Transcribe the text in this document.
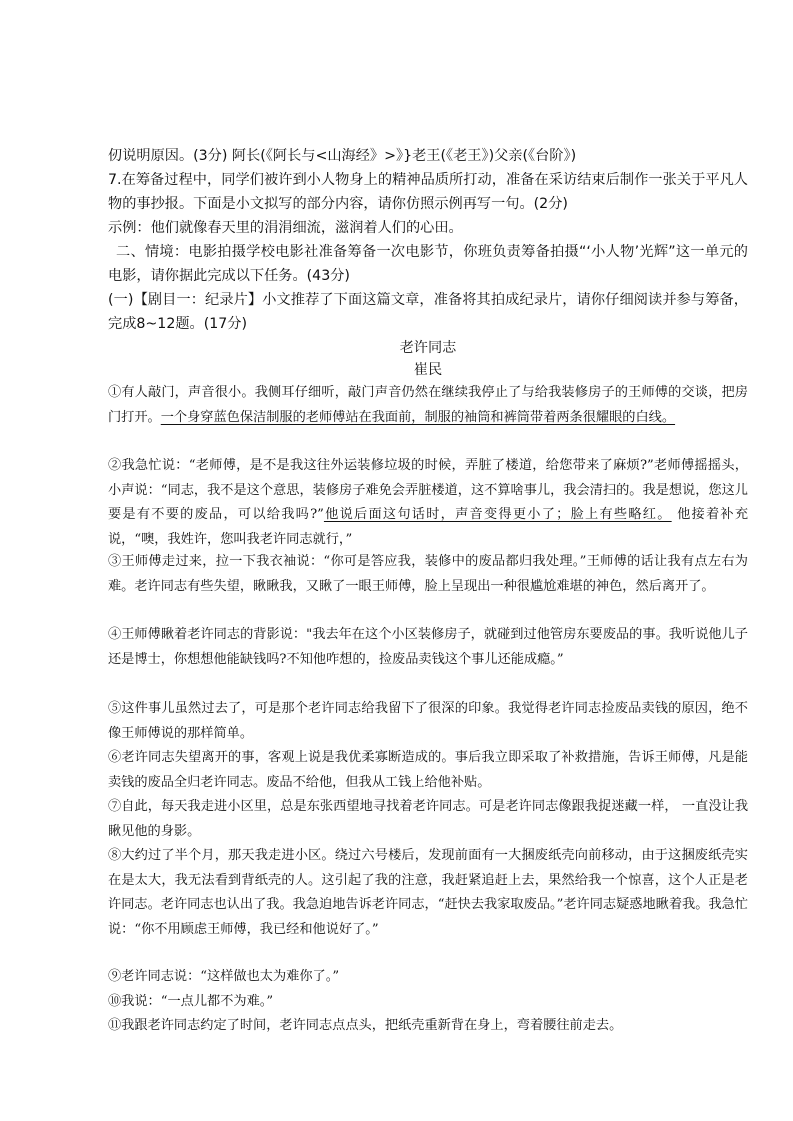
仞说明原因。(3分) 阿长(《阿长与<山海经》>》}老王(《老王》)父亲(《台阶》)

7.在筹备过程中，同学们被许到小人物身上的精神品质所打动，准备在采访结束后制作一张关于平凡人物的事抄报。下面是小文拟写的部分内容，请你仿照示例再写一句。(2分)

示例：他们就像春天里的涓涓细流，滋润着人们的心田。

二、情境：电影拍摄学校电影社准备筹备一次电影节，你班负责筹备拍摄“‘小人物’光辉”这一单元的电影，请你据此完成以下任务。(43分)

(一)【剧目一：纪录片】小文推荐了下面这篇文章，准备将其拍成纪录片，请你仔细阅读并参与筹备，完成8~12题。(17分)

老许同志

崔民

①有人敲门，声音很小。我侧耳仔细听，敲门声音仍然在继续我停止了与给我装修房子的王师傅的交谈，把房门打开。一个身穿蓝色保洁制服的老师傅站在我面前，制服的袖筒和裤筒带着两条很耀眼的白线。

②我急忙说：“老师傅，是不是我这往外运装修垃圾的时候，弄脏了楼道，给您带来了麻烦?”老师傅摇摇头，小声说：“同志，我不是这个意思，装修房子难免会弄脏楼道，这不算啥事儿，我会清扫的。我是想说，您这儿要是有不要的废品，可以给我吗?”他说后面这句话时，声音变得更小了；脸上有些略红。 他接着补充说，“噢，我姓许，您叫我老许同志就行，”

③王师傅走过来，拉一下我衣袖说：“你可是答应我，装修中的废品都归我处理。”王师傅的话让我有点左右为难。老许同志有些失望，瞅瞅我，又瞅了一眼王师傅，脸上呈现出一种很尴尬难堪的神色，然后离开了。

④王师傅瞅着老许同志的背影说："我去年在这个小区装修房子，就碰到过他管房东要废品的事。我听说他儿子还是博士，你想想他能缺钱吗?不知他咋想的，捡废品卖钱这个事儿还能成瘾。”

⑤这件事儿虽然过去了，可是那个老许同志给我留下了很深的印象。我觉得老许同志捡废品卖钱的原因，绝不像王师傅说的那样简单。

⑥老许同志失望离开的事，客观上说是我优柔寡断造成的。事后我立即采取了补救措施，告诉王师傅，凡是能卖钱的废品全归老许同志。废品不给他，但我从工钱上给他补贴。

⑦自此，每天我走进小区里，总是东张西望地寻找着老许同志。可是老许同志像跟我捉迷藏一样， 一直没让我瞅见他的身影。

⑧大约过了半个月，那天我走进小区。绕过六号楼后，发现前面有一大捆废纸壳向前移动，由于这捆废纸壳实在是太大，我无法看到背纸壳的人。这引起了我的注意，我赶紧追赶上去，果然给我一个惊喜，这个人正是老许同志。老许同志也认出了我。我急迫地告诉老许同志，“赶快去我家取废品。”老许同志疑惑地瞅着我。我急忙说：“你不用顾虑王师傅，我已经和他说好了。”

⑨老许同志说：“这样做也太为难你了。”

⑩我说：“一点儿都不为难。”

⑪我跟老许同志约定了时间，老许同志点点头，把纸壳重新背在身上，弯着腰往前走去。
